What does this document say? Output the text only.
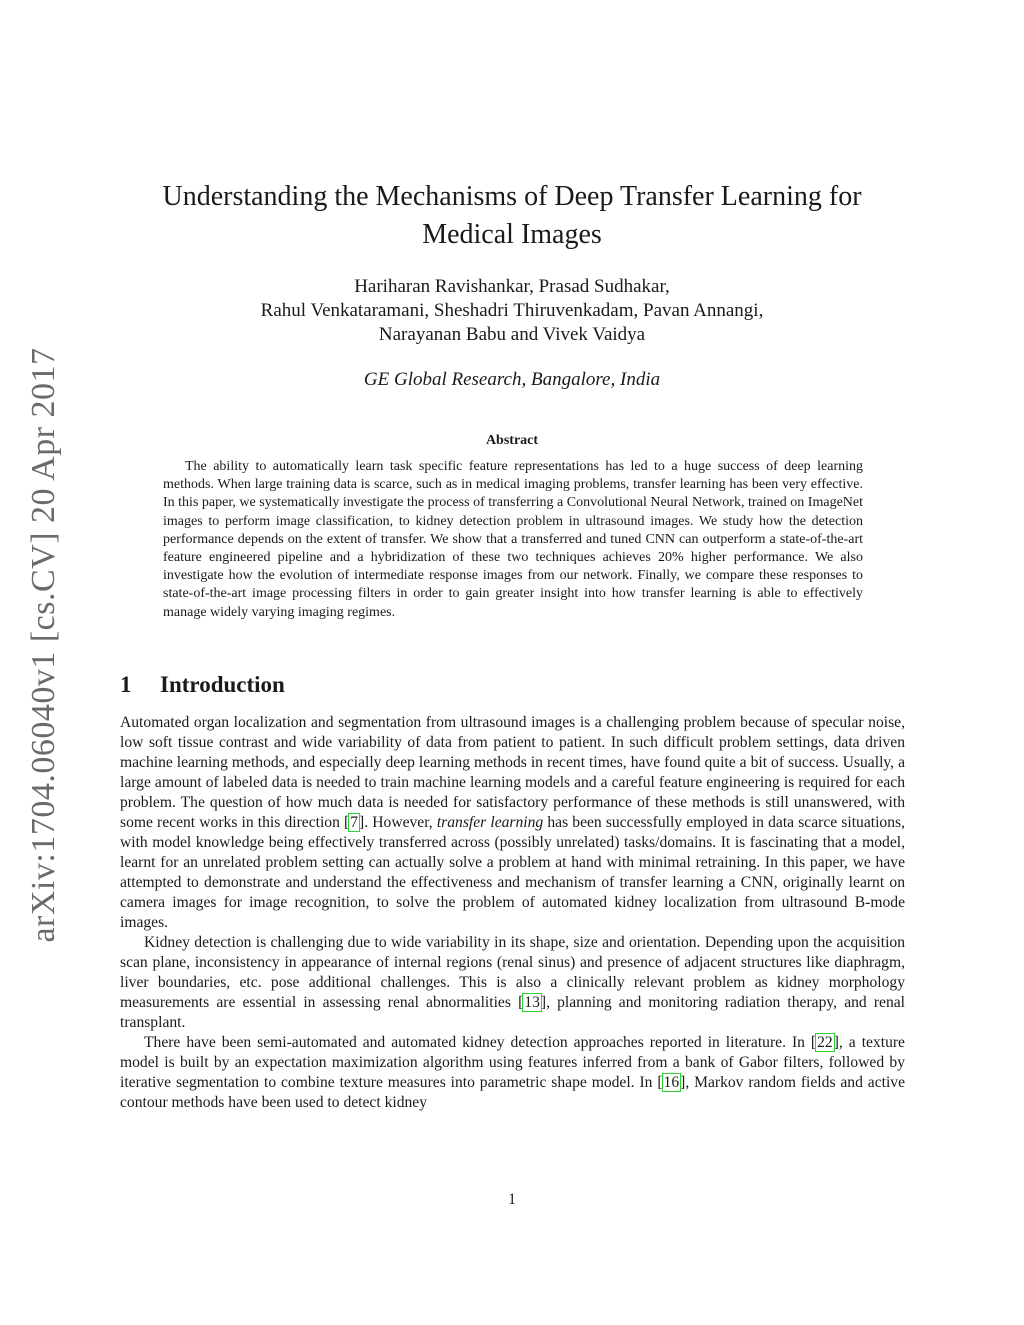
arXiv:1704.06040v1 [cs.CV] 20 Apr 2017
Understanding the Mechanisms of Deep Transfer Learning for
Medical Images
Hariharan Ravishankar, Prasad Sudhakar,
Rahul Venkataramani, Sheshadri Thiruvenkadam, Pavan Annangi,
Narayanan Babu and Vivek Vaidya
GE Global Research, Bangalore, India
Abstract
The ability to automatically learn task specific feature representations has led to a huge success of deep learning methods. When large training data is scarce, such as in medical imaging problems, transfer learning has been very effective. In this paper, we systematically investigate the process of transferring a Convolutional Neural Network, trained on ImageNet images to perform image classification, to kidney detection problem in ultrasound images. We study how the detection performance depends on the extent of transfer. We show that a transferred and tuned CNN can outperform a state-of-the-art feature engineered pipeline and a hybridization of these two techniques achieves 20% higher performance. We also investigate how the evolution of intermediate response images from our network. Finally, we compare these responses to state-of-the-art image processing filters in order to gain greater insight into how transfer learning is able to effectively manage widely varying imaging regimes.
1 Introduction

Automated organ localization and segmentation from ultrasound images is a challenging problem because of specular noise, low soft tissue contrast and wide variability of data from patient to patient. In such difficult problem settings, data driven machine learning methods, and especially deep learning methods in recent times, have found quite a bit of success. Usually, a large amount of labeled data is needed to train machine learning models and a careful feature engineering is required for each problem. The question of how much data is needed for satisfactory performance of these methods is still unanswered, with some recent works in this direction [7]. However, transfer learning has been successfully employed in data scarce situations, with model knowledge being effectively transferred across (possibly unrelated) tasks/domains. It is fascinating that a model, learnt for an unrelated problem setting can actually solve a problem at hand with minimal retraining. In this paper, we have attempted to demonstrate and understand the effectiveness and mechanism of transfer learning a CNN, originally learnt on camera images for image recognition, to solve the problem of automated kidney localization from ultrasound B-mode images.

Kidney detection is challenging due to wide variability in its shape, size and orientation. Depending upon the acquisition scan plane, inconsistency in appearance of internal regions (renal sinus) and presence of adjacent structures like diaphragm, liver boundaries, etc. pose additional challenges. This is also a clinically relevant problem as kidney morphology measurements are essential in assessing renal abnormalities [13], planning and monitoring radiation therapy, and renal transplant.

There have been semi-automated and automated kidney detection approaches reported in literature. In [22], a texture model is built by an expectation maximization algorithm using features inferred from a bank of Gabor filters, followed by iterative segmentation to combine texture measures into parametric shape model. In [16], Markov random fields and active contour methods have been used to detect kidney

1
